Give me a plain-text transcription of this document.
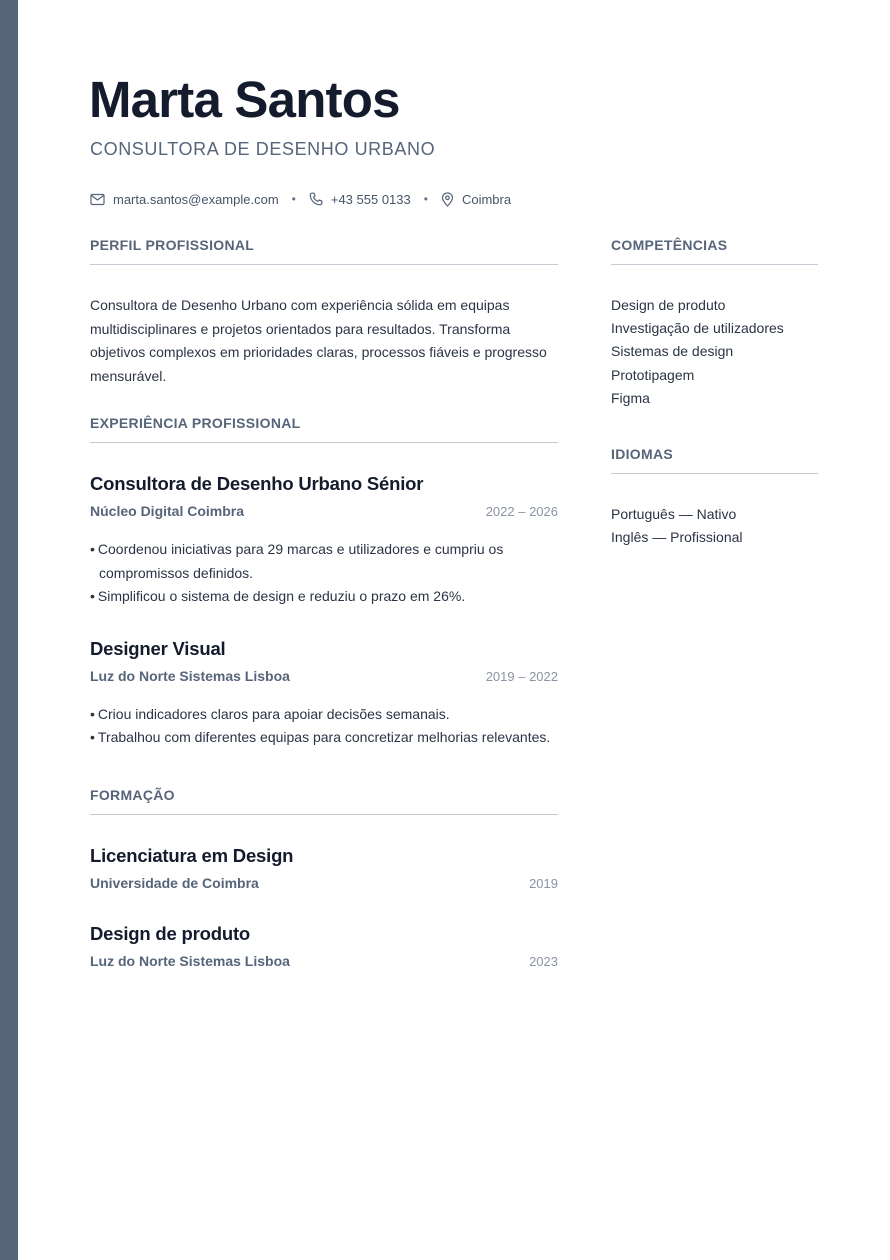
Marta Santos

CONSULTORA DE DESENHO URBANO

marta.santos@example.com •	+43 555 0133 •	Coimbra
PERFIL PROFISSIONAL

Consultora de Desenho Urbano com experiência sólida em equipas multidisciplinares e projetos orientados para resultados. Transforma objetivos complexos em prioridades claras, processos fiáveis e progresso mensurável.

EXPERIÊNCIA PROFISSIONAL
Consultora de Desenho Urbano Sénior
Núcleo Digital Coimbra	2022 – 2026
• Coordenou iniciativas para 29 marcas e utilizadores e cumpriu os compromissos definidos.
• Simplificou o sistema de design e reduziu o prazo em 26%.
Designer Visual
Luz do Norte Sistemas Lisboa	2019 – 2022
• Criou indicadores claros para apoiar decisões semanais.
• Trabalhou com diferentes equipas para concretizar melhorias relevantes.
FORMAÇÃO
Licenciatura em Design
Universidade de Coimbra	2019
Design de produto
Luz do Norte Sistemas Lisboa	2023
COMPETÊNCIAS
Design de produto
Investigação de utilizadores
Sistemas de design
Prototipagem
Figma
IDIOMAS
Português — Nativo
Inglês — Profissional
